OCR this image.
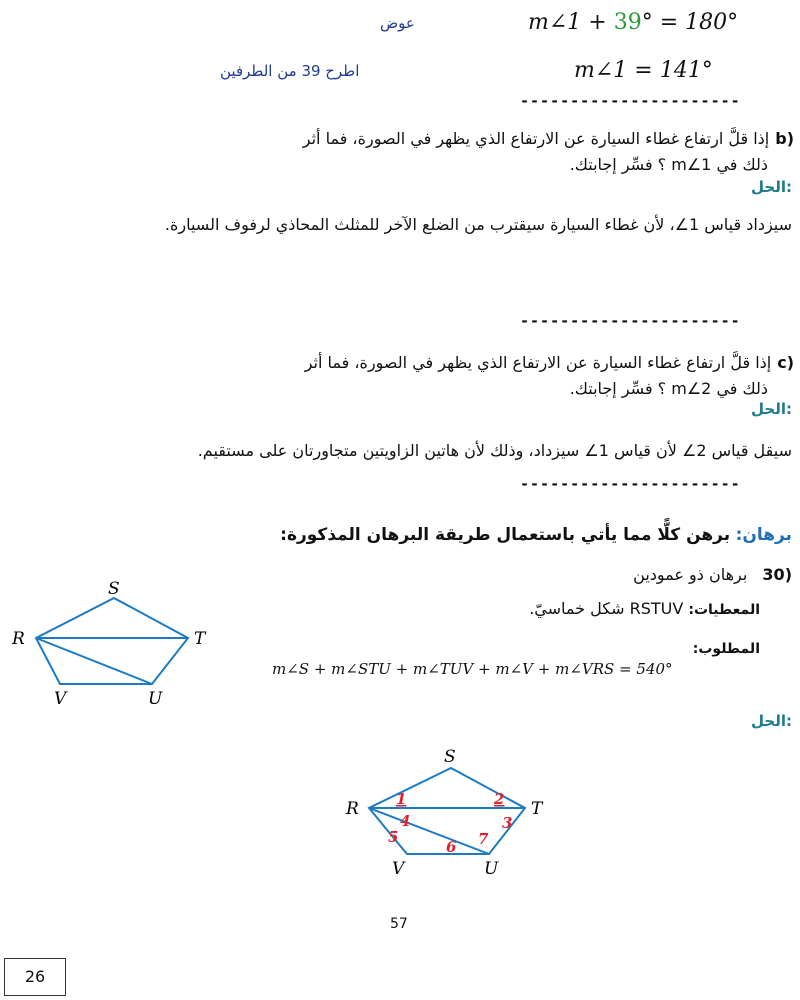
m∠1 + 39° = 180°
عوض
m∠1 = 141°
اطرح 39 من الطرفين
----------------------
b)
إذا قلَّ ارتفاع غطاء السيارة عن الارتفاع الذي يظهر في الصورة، فما أثر
ذلك في m∠1 ؟ فسِّر إجابتك.
الحل:
سيزداد قياس 1∠، لأن غطاء السيارة سيقترب من الضلع الآخر للمثلث المحاذي لرفوف السيارة.
----------------------
c)
إذا قلَّ ارتفاع غطاء السيارة عن الارتفاع الذي يظهر في الصورة، فما أثر
ذلك في m∠2 ؟ فسِّر إجابتك.
الحل:
سيقل قياس 2∠ لأن قياس 1∠ سيزداد، وذلك لأن هاتين الزاويتين متجاورتان على مستقيم.
----------------------
برهان: برهن كلًّا مما يأتي باستعمال طريقة البرهان المذكورة:
30) برهان ذو عمودين
المعطيات: RSTUV شكل خماسيّ.
المطلوب:
m∠S + m∠STU + m∠TUV + m∠V + m∠VRS = 540°
الحل:
S
R	T
V	U
S
R	T
V	U
1	2
3
4
5
6 7
57
26
